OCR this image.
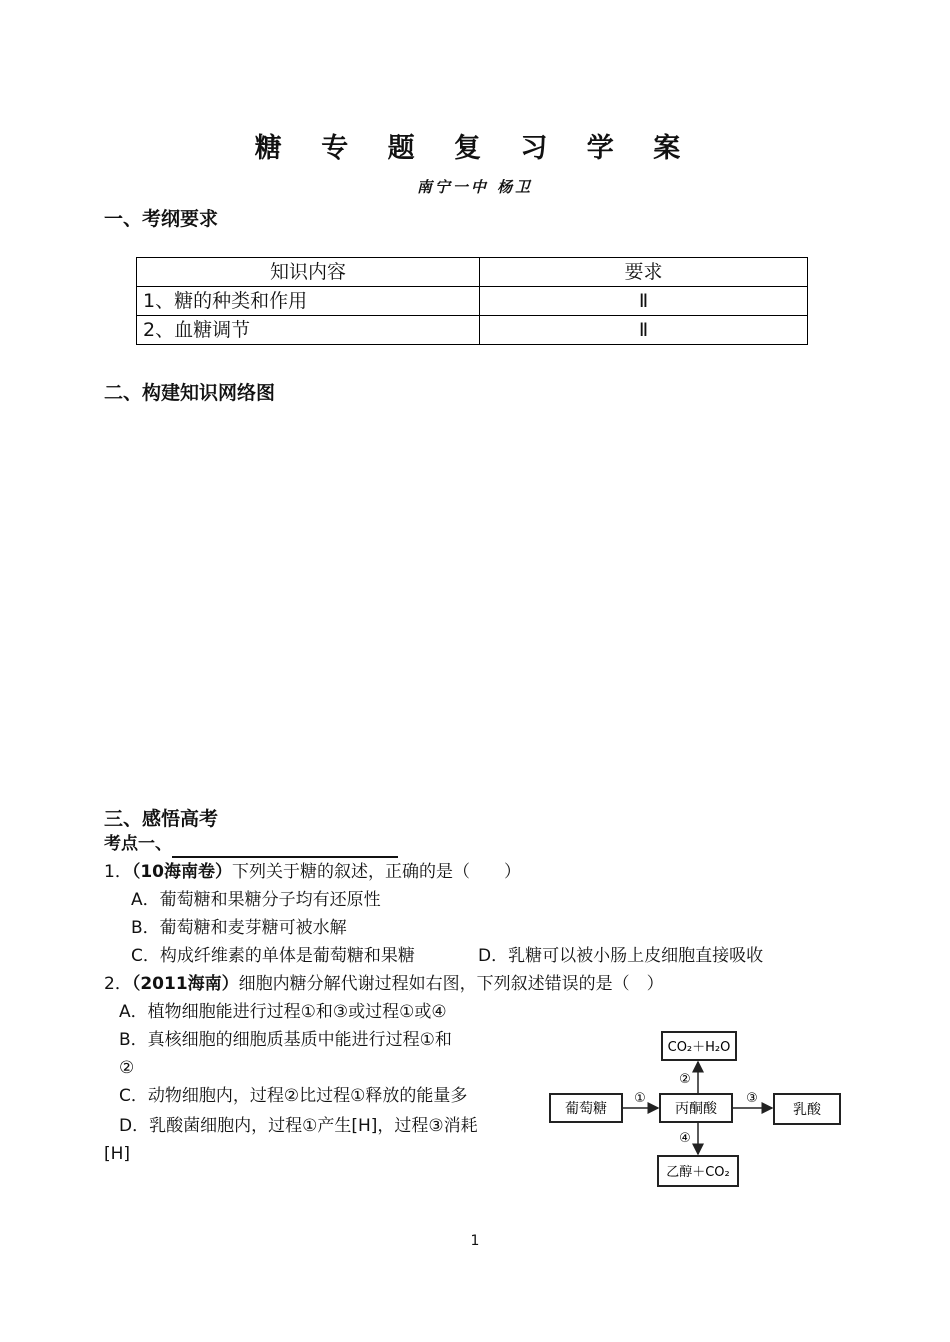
糖 专 题 复 习 学 案
南宁一中 杨卫
一、考纲要求
知识内容	要求
1、糖的种类和作用	Ⅱ
2、血糖调节	Ⅱ
二、构建知识网络图
三、感悟高考
考点一、
1．（10海南卷）下列关于糖的叙述，正确的是（　　）
A．葡萄糖和果糖分子均有还原性
B．葡萄糖和麦芽糖可被水解
C．构成纤维素的单体是葡萄糖和果糖	D．乳糖可以被小肠上皮细胞直接吸收
2．（2011海南）细胞内糖分解代谢过程如右图，下列叙述错误的是（　）
A．植物细胞能进行过程①和③或过程①或④
B．真核细胞的细胞质基质中能进行过程①和
②
C．动物细胞内，过程②比过程①释放的能量多
D．乳酸菌细胞内，过程①产生[H]，过程③消耗
[H]
CO₂＋H₂O
葡萄糖	丙酮酸	乳酸
乙醇＋CO₂
①
②
③
④
1
